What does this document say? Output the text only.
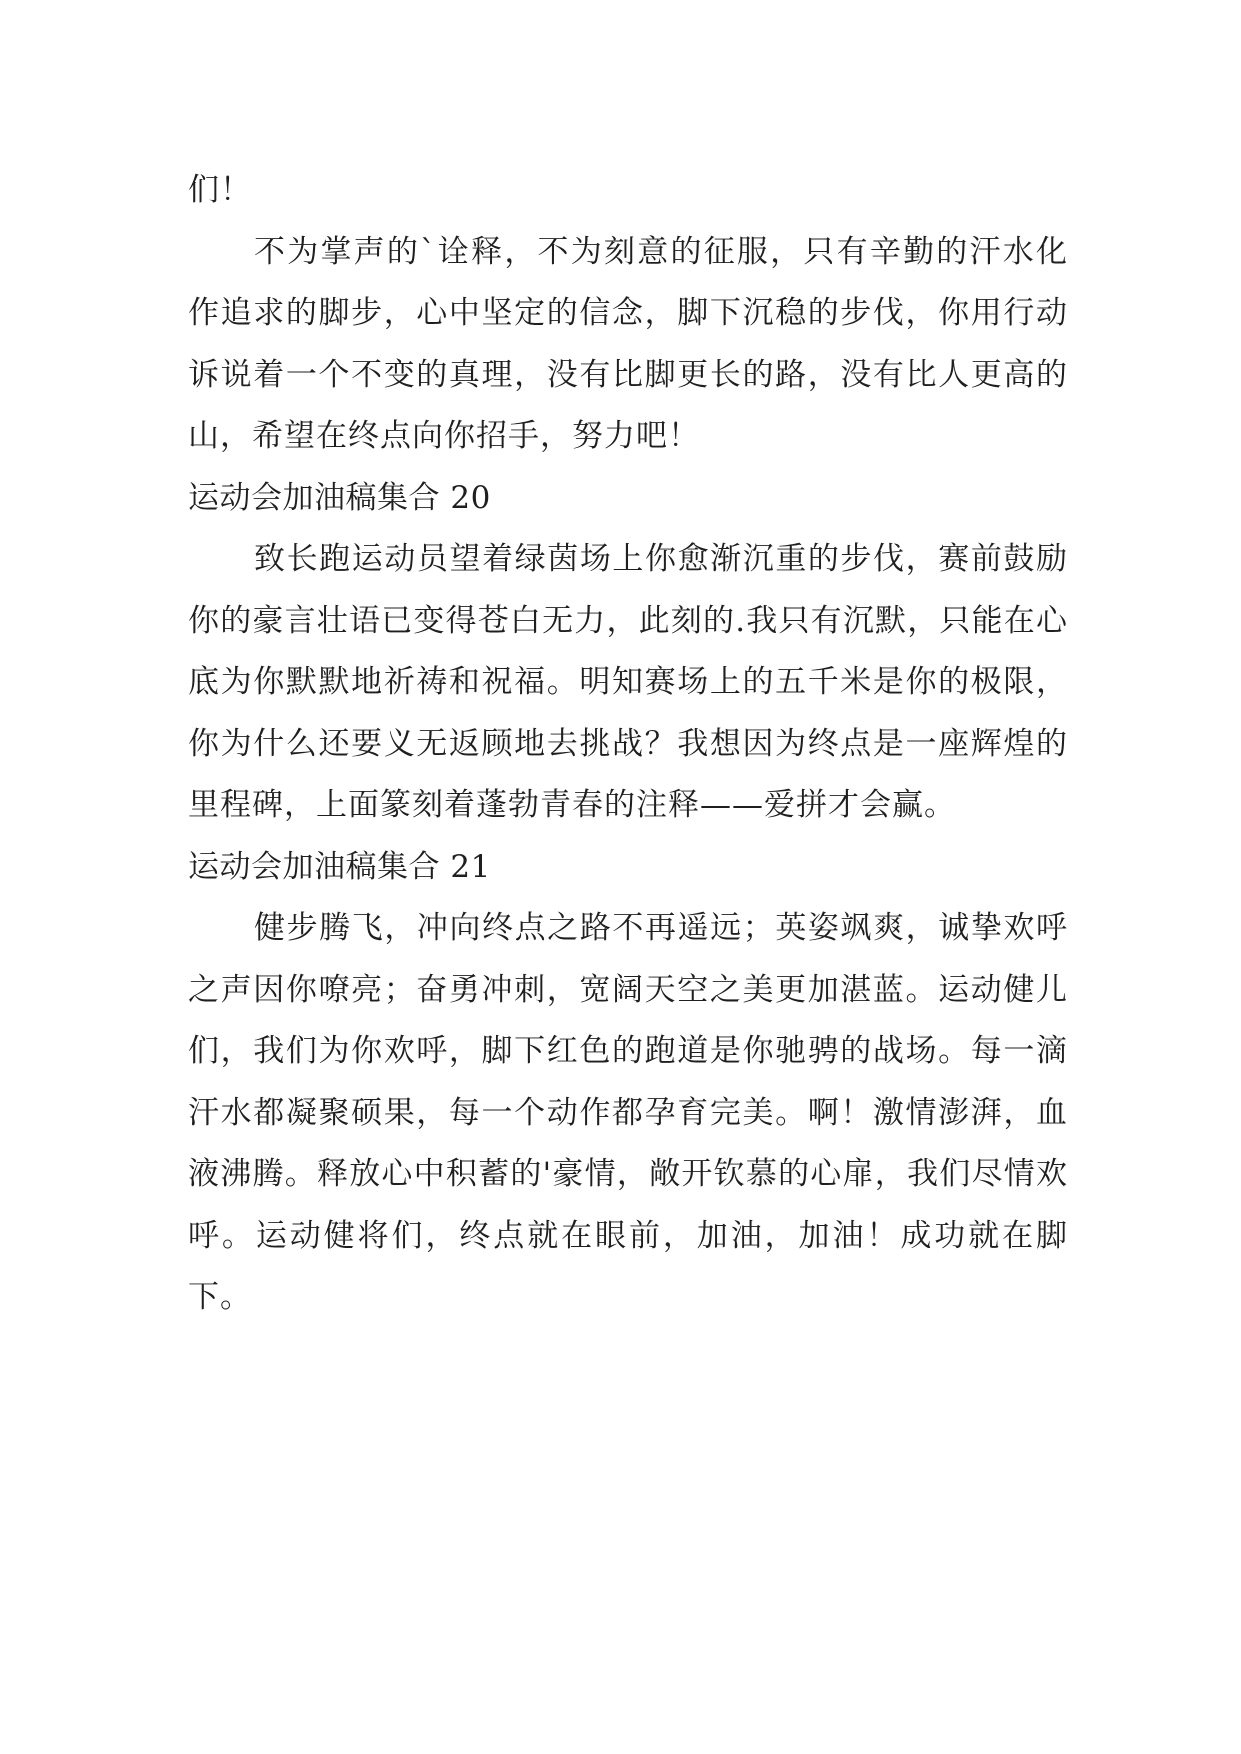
们！

不为掌声的`诠释，不为刻意的征服，只有辛勤的汗水化作追求的脚步，心中坚定的信念，脚下沉稳的步伐，你用行动诉说着一个不变的真理，没有比脚更长的路，没有比人更高的山，希望在终点向你招手，努力吧！

运动会加油稿集合 20

致长跑运动员望着绿茵场上你愈渐沉重的步伐，赛前鼓励你的豪言壮语已变得苍白无力，此刻的.我只有沉默，只能在心底为你默默地祈祷和祝福。明知赛场上的五千米是你的极限，你为什么还要义无返顾地去挑战？我想因为终点是一座辉煌的里程碑，上面篆刻着蓬勃青春的注释——爱拼才会赢。

运动会加油稿集合 21

健步腾飞，冲向终点之路不再遥远；英姿飒爽，诚挚欢呼之声因你嘹亮；奋勇冲刺，宽阔天空之美更加湛蓝。运动健儿们，我们为你欢呼，脚下红色的跑道是你驰骋的战场。每一滴汗水都凝聚硕果，每一个动作都孕育完美。啊！激情澎湃，血液沸腾。释放心中积蓄的'豪情，敞开钦慕的心扉，我们尽情欢呼。运动健将们，终点就在眼前，加油，加油！成功就在脚下。
